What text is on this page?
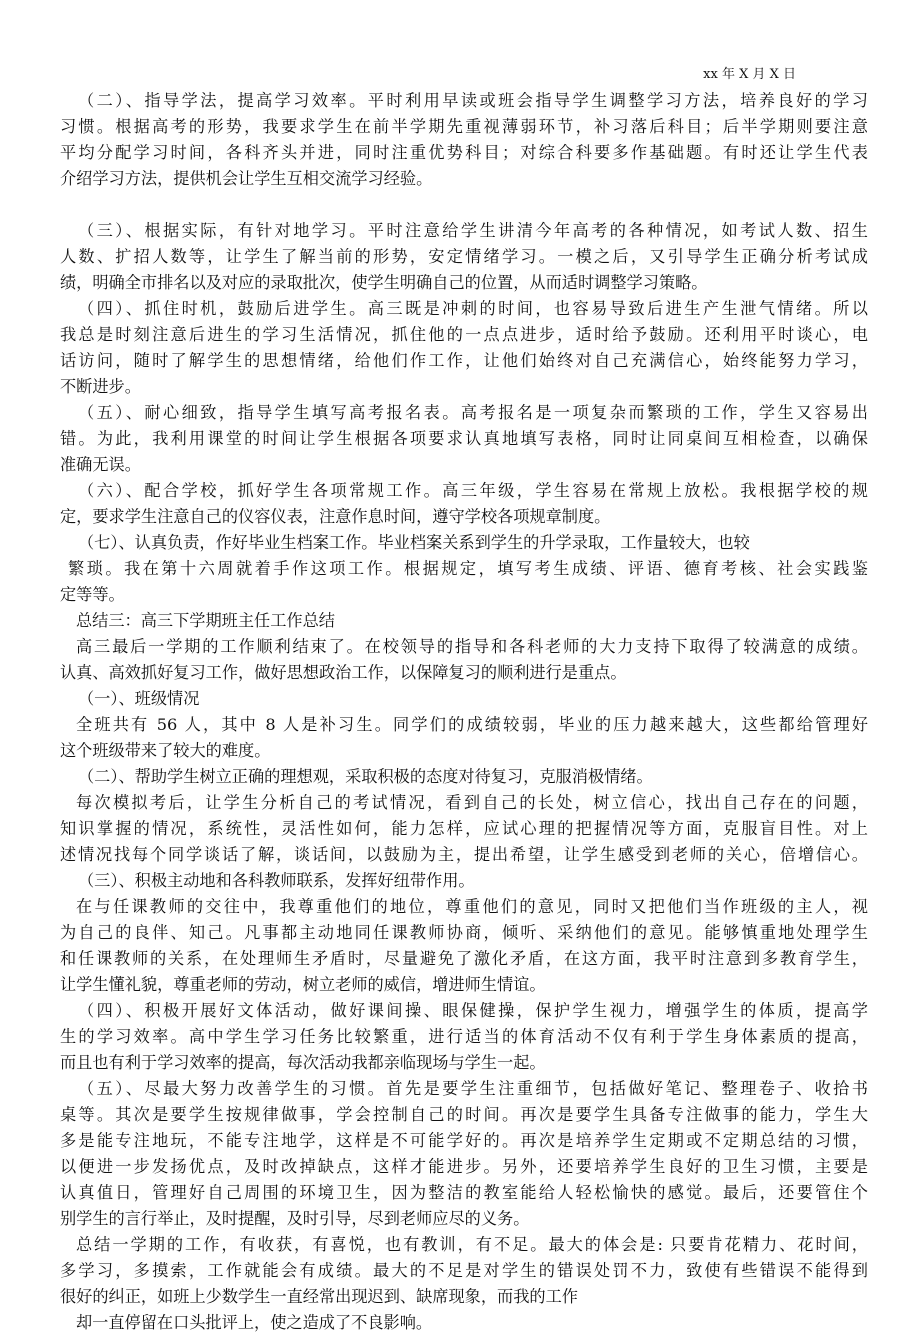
xx 年 X 月 X 日
（二）、指导学法，提高学习效率。平时利用早读或班会指导学生调整学习方法，培养良好的学习
习惯。根据高考的形势，我要求学生在前半学期先重视薄弱环节，补习落后科目；后半学期则要注意
平均分配学习时间，各科齐头并进，同时注重优势科目；对综合科要多作基础题。有时还让学生代表
介绍学习方法，提供机会让学生互相交流学习经验。
（三）、根据实际，有针对地学习。平时注意给学生讲清今年高考的各种情况，如考试人数、招生
人数、扩招人数等，让学生了解当前的形势，安定情绪学习。一模之后，又引导学生正确分析考试成
绩，明确全市排名以及对应的录取批次，使学生明确自己的位置，从而适时调整学习策略。
（四）、抓住时机，鼓励后进学生。高三既是冲刺的时间，也容易导致后进生产生泄气情绪。所以
我总是时刻注意后进生的学习生活情况，抓住他的一点点进步，适时给予鼓励。还利用平时谈心，电
话访问，随时了解学生的思想情绪，给他们作工作，让他们始终对自己充满信心，始终能努力学习，
不断进步。
（五）、耐心细致，指导学生填写高考报名表。高考报名是一项复杂而繁琐的工作，学生又容易出
错。为此，我利用课堂的时间让学生根据各项要求认真地填写表格，同时让同桌间互相检查，以确保
准确无误。
（六）、配合学校，抓好学生各项常规工作。高三年级，学生容易在常规上放松。我根据学校的规
定，要求学生注意自己的仪容仪表，注意作息时间，遵守学校各项规章制度。
（七）、认真负责，作好毕业生档案工作。毕业档案关系到学生的升学录取，工作量较大，也较
繁琐。我在第十六周就着手作这项工作。根据规定，填写考生成绩、评语、德育考核、社会实践鉴
定等等。
总结三：高三下学期班主任工作总结
高三最后一学期的工作顺利结束了。在校领导的指导和各科老师的大力支持下取得了较满意的成绩。
认真、高效抓好复习工作，做好思想政治工作，以保障复习的顺利进行是重点。
（一）、班级情况
全班共有 56 人，其中 8 人是补习生。同学们的成绩较弱，毕业的压力越来越大，这些都给管理好
这个班级带来了较大的难度。
（二）、帮助学生树立正确的理想观，采取积极的态度对待复习，克服消极情绪。
每次模拟考后，让学生分析自己的考试情况，看到自己的长处，树立信心，找出自己存在的问题，
知识掌握的情况，系统性，灵活性如何，能力怎样，应试心理的把握情况等方面，克服盲目性。对上
述情况找每个同学谈话了解，谈话间，以鼓励为主，提出希望，让学生感受到老师的关心，倍增信心。
（三）、积极主动地和各科教师联系，发挥好纽带作用。
在与任课教师的交往中，我尊重他们的地位，尊重他们的意见，同时又把他们当作班级的主人，视
为自己的良伴、知己。凡事都主动地同任课教师协商，倾听、采纳他们的意见。能够慎重地处理学生
和任课教师的关系，在处理师生矛盾时，尽量避免了激化矛盾，在这方面，我平时注意到多教育学生，
让学生懂礼貌，尊重老师的劳动，树立老师的威信，增进师生情谊。
（四）、积极开展好文体活动，做好课间操、眼保健操，保护学生视力，增强学生的体质，提高学
生的学习效率。高中学生学习任务比较繁重，进行适当的体育活动不仅有利于学生身体素质的提高，
而且也有利于学习效率的提高，每次活动我都亲临现场与学生一起。
（五）、尽最大努力改善学生的习惯。首先是要学生注重细节，包括做好笔记、整理卷子、收拾书
桌等。其次是要学生按规律做事，学会控制自己的时间。再次是要学生具备专注做事的能力，学生大
多是能专注地玩，不能专注地学，这样是不可能学好的。再次是培养学生定期或不定期总结的习惯，
以便进一步发扬优点，及时改掉缺点，这样才能进步。另外，还要培养学生良好的卫生习惯，主要是
认真值日，管理好自己周围的环境卫生，因为整洁的教室能给人轻松愉快的感觉。最后，还要管住个
别学生的言行举止，及时提醒，及时引导，尽到老师应尽的义务。
总结一学期的工作，有收获，有喜悦，也有教训，有不足。最大的体会是: 只要肯花精力、花时间，
多学习，多摸索，工作就能会有成绩。最大的不足是对学生的错误处罚不力，致使有些错误不能得到
很好的纠正，如班上少数学生一直经常出现迟到、缺席现象，而我的工作
却一直停留在口头批评上，使之造成了不良影响。
